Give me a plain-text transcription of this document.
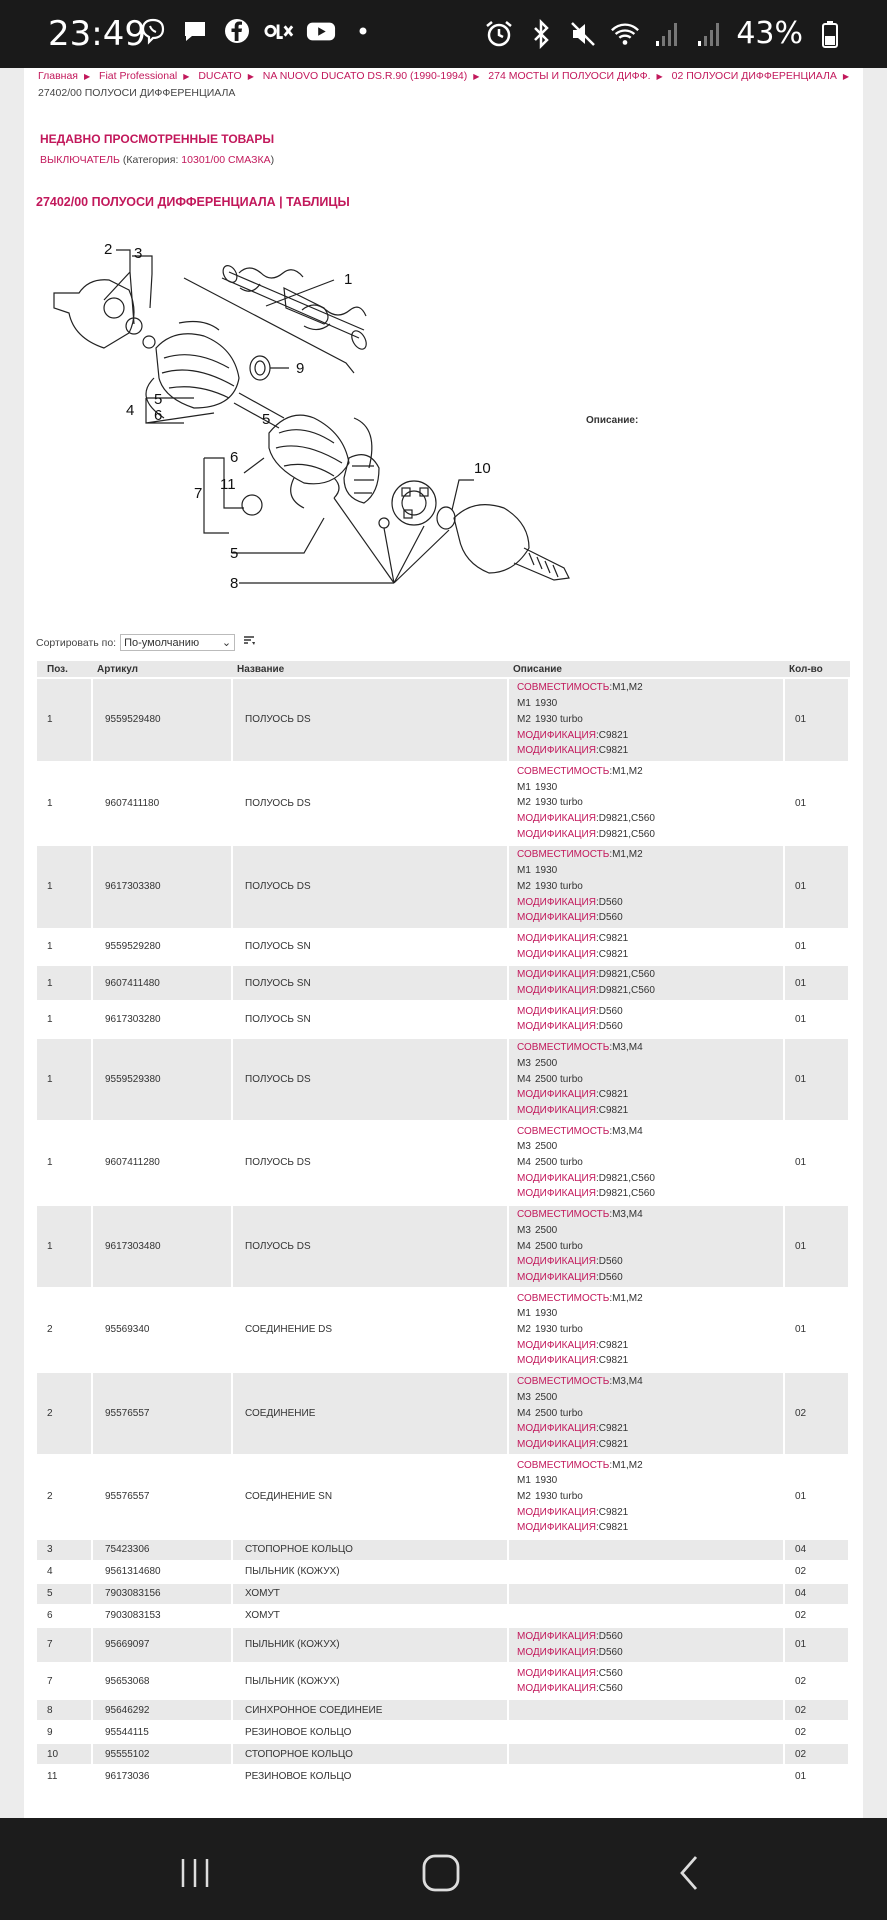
23:49	43%
Главная ▶ Fiat Professional ▶ DUCATO ▶ NA NUOVO DUCATO DS.R.90 (1990-1994) ▶ 274 МОСТЫ И ПОЛУОСИ ДИФФ. ▶ 02 ПОЛУОСИ ДИФФЕРЕНЦИАЛА ▶
27402/00 ПОЛУОСИ ДИФФЕРЕНЦИАЛА
НЕДАВНО ПРОСМОТРЕННЫЕ ТОВАРЫ
ВЫКЛЮЧАТЕЛЬ (Категория: 10301/00 СМАЗКА)
27402/00 ПОЛУОСИ ДИФФЕРЕНЦИАЛА | ТАБЛИЦЫ
1
2 3
4
5
6	5
6
7
11
5
8
9
10
Описание:
Сортировать по: По-умолчанию ⌄
Поз.	Артикул	Название	Описание	Кол-во
1	9559529480	ПОЛУОСЬ DS	СОВМЕСТИМОСТЬ:M1,M2
M1 1930
M2 1930 turbo
МОДИФИКАЦИЯ:C9821
МОДИФИКАЦИЯ:C9821	01
1	9607411180	ПОЛУОСЬ DS	СОВМЕСТИМОСТЬ:M1,M2
M1 1930
M2 1930 turbo
МОДИФИКАЦИЯ:D9821,C560
МОДИФИКАЦИЯ:D9821,C560	01
1	9617303380	ПОЛУОСЬ DS	СОВМЕСТИМОСТЬ:M1,M2
M1 1930
M2 1930 turbo
МОДИФИКАЦИЯ:D560
МОДИФИКАЦИЯ:D560	01
1	9559529280	ПОЛУОСЬ SN	МОДИФИКАЦИЯ:C9821
МОДИФИКАЦИЯ:C9821	01
1	9607411480	ПОЛУОСЬ SN	МОДИФИКАЦИЯ:D9821,C560
МОДИФИКАЦИЯ:D9821,C560	01
1	9617303280	ПОЛУОСЬ SN	МОДИФИКАЦИЯ:D560
МОДИФИКАЦИЯ:D560	01
1	9559529380	ПОЛУОСЬ DS	СОВМЕСТИМОСТЬ:M3,M4
M3 2500
M4 2500 turbo
МОДИФИКАЦИЯ:C9821
МОДИФИКАЦИЯ:C9821	01
1	9607411280	ПОЛУОСЬ DS	СОВМЕСТИМОСТЬ:M3,M4
M3 2500
M4 2500 turbo
МОДИФИКАЦИЯ:D9821,C560
МОДИФИКАЦИЯ:D9821,C560	01
1	9617303480	ПОЛУОСЬ DS	СОВМЕСТИМОСТЬ:M3,M4
M3 2500
M4 2500 turbo
МОДИФИКАЦИЯ:D560
МОДИФИКАЦИЯ:D560	01
2	95569340	СОЕДИНЕНИЕ DS	СОВМЕСТИМОСТЬ:M1,M2
M1 1930
M2 1930 turbo
МОДИФИКАЦИЯ:C9821
МОДИФИКАЦИЯ:C9821	01
2	95576557	СОЕДИНЕНИЕ	СОВМЕСТИМОСТЬ:M3,M4
M3 2500
M4 2500 turbo
МОДИФИКАЦИЯ:C9821
МОДИФИКАЦИЯ:C9821	02
2	95576557	СОЕДИНЕНИЕ SN	СОВМЕСТИМОСТЬ:M1,M2
M1 1930
M2 1930 turbo
МОДИФИКАЦИЯ:C9821
МОДИФИКАЦИЯ:C9821	01
3	75423306	СТОПОРНОЕ КОЛЬЦО		04
4	9561314680	ПЫЛЬНИК (КОЖУХ)		02
5	7903083156	ХОМУТ		04
6	7903083153	ХОМУТ		02
7	95669097	ПЫЛЬНИК (КОЖУХ)	МОДИФИКАЦИЯ:D560
МОДИФИКАЦИЯ:D560	01
7	95653068	ПЫЛЬНИК (КОЖУХ)	МОДИФИКАЦИЯ:C560
МОДИФИКАЦИЯ:C560	02
8	95646292	СИНХРОННОЕ СОЕДИНЕИЕ		02
9	95544115	РЕЗИНОВОЕ КОЛЬЦО		02
10	95555102	СТОПОРНОЕ КОЛЬЦО		02
11	96173036	РЕЗИНОВОЕ КОЛЬЦО		01
